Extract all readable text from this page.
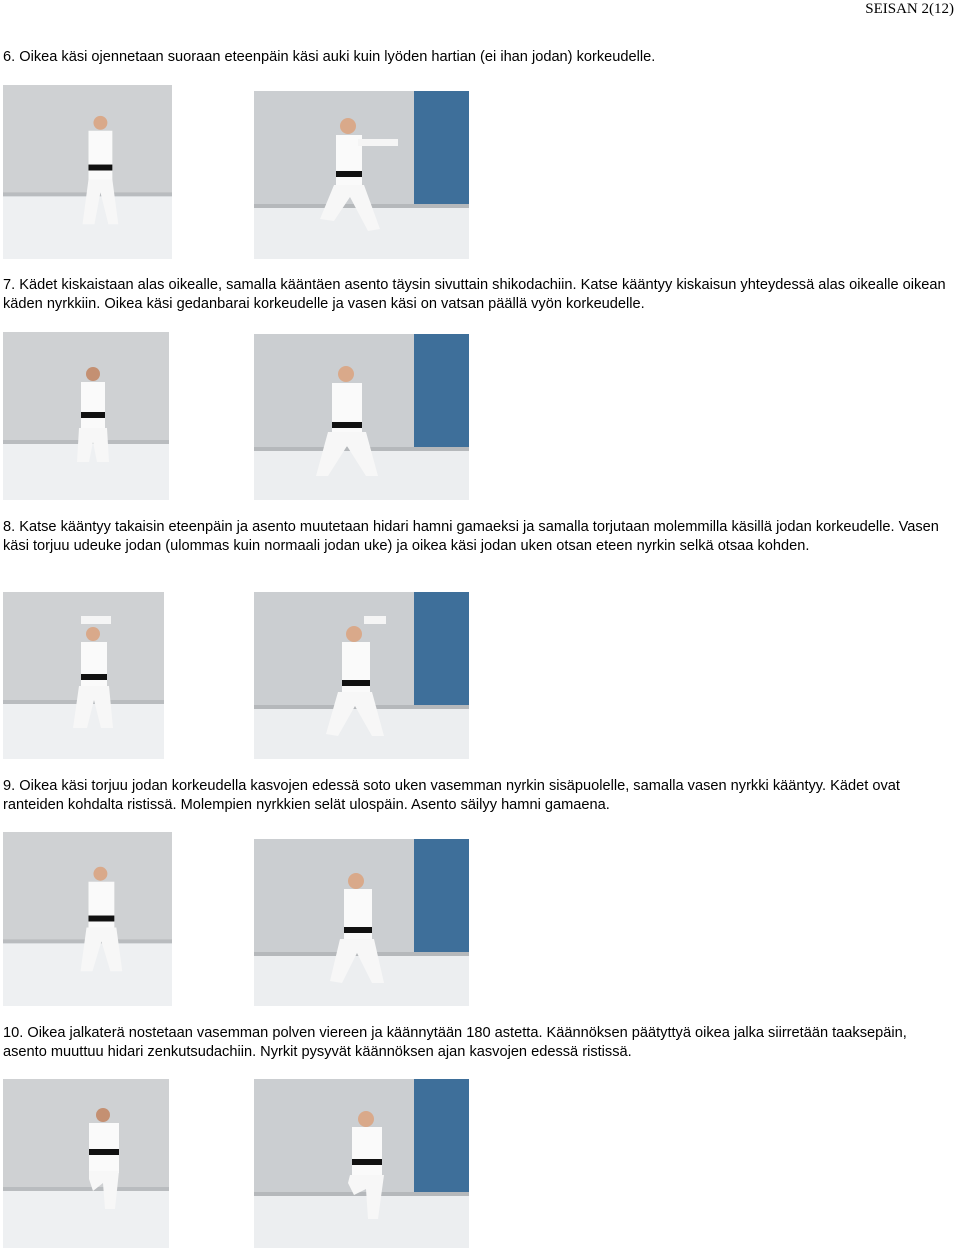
SEISAN 2(12)
6. Oikea käsi ojennetaan suoraan eteenpäin käsi auki kuin lyöden hartian (ei ihan jodan) korkeudelle.
7. Kädet kiskaistaan alas oikealle, samalla kääntäen asento täysin sivuttain shikodachiin. Katse kääntyy kiskaisun yhteydessä alas oikealle oikean käden nyrkkiin. Oikea käsi gedanbarai korkeudelle ja vasen käsi on vatsan päällä vyön korkeudelle.
8. Katse kääntyy takaisin eteenpäin ja asento muutetaan hidari hamni gamaeksi ja samalla torjutaan molemmilla käsillä jodan korkeudelle. Vasen käsi torjuu udeuke jodan (ulommas kuin normaali jodan uke) ja oikea käsi jodan uken otsan eteen nyrkin selkä otsaa kohden.
9. Oikea käsi torjuu jodan korkeudella kasvojen edessä soto uken vasemman nyrkin sisäpuolelle, samalla vasen nyrkki kääntyy. Kädet ovat ranteiden kohdalta ristissä. Molempien nyrkkien selät ulospäin. Asento säilyy hamni gamaena.
10. Oikea jalkaterä nostetaan vasemman polven viereen ja käännytään 180 astetta. Käännöksen päätyttyä oikea jalka siirretään taaksepäin, asento muuttuu hidari zenkutsudachiin. Nyrkit pysyvät käännöksen ajan kasvojen edessä ristissä.
